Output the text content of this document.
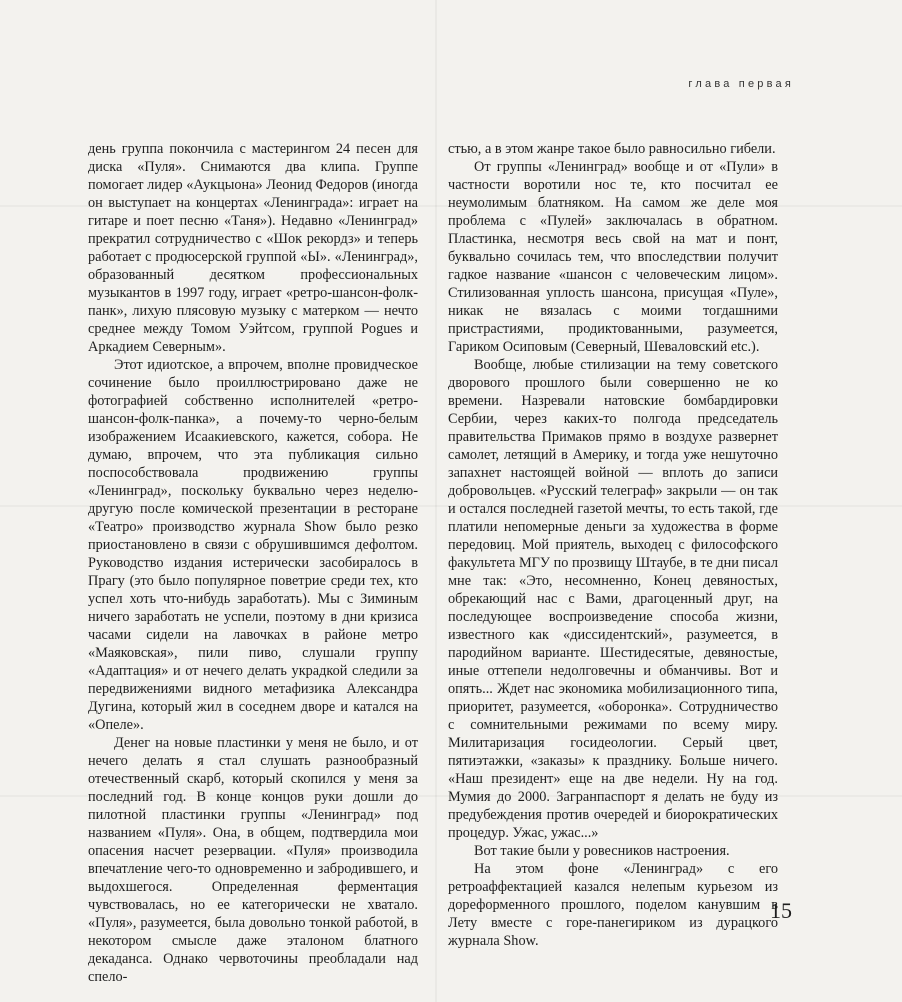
глава первая

день группа покончила с мастерингом 24 песен для диска «Пуля». Снимаются два клипа. Группе помогает лидер «Аукцыона» Леонид Федоров (иногда он выступает на концертах «Ленинграда»: играет на гитаре и поет песню «Таня»). Недавно «Ленинград» прекратил сотрудничество с «Шок рекордз» и теперь работает с продюсерской группой «Ы». «Ленинград», образованный десятком профессиональных музыкантов в 1997 году, играет «ретро-шансон-фолк-панк», лихую плясовую музыку с матерком — нечто среднее между Томом Уэйтсом, группой Pogues и Аркадием Северным».

Этот идиотское, а впрочем, вполне провидческое сочинение было проиллюстрировано даже не фотографией собственно исполнителей «ретро-шансон-фолк-панка», а почему-то черно-белым изображением Исаакиевского, кажется, собора. Не думаю, впрочем, что эта публикация сильно поспособствовала продвижению группы «Ленинград», поскольку буквально через неделю-другую после комической презентации в ресторане «Театро» производство журнала Show было резко приостановлено в связи с обрушившимся дефолтом. Руководство издания истерически засобиралось в Прагу (это было популярное поветрие среди тех, кто успел хоть что-нибудь заработать). Мы с Зиминым ничего заработать не успели, поэтому в дни кризиса часами сидели на лавочках в районе метро «Маяковская», пили пиво, слушали группу «Адаптация» и от нечего делать украдкой следили за передвижениями видного метафизика Александра Дугина, который жил в соседнем дворе и катался на «Опеле».

Денег на новые пластинки у меня не было, и от нечего делать я стал слушать разнообразный отечественный скарб, который скопился у меня за последний год. В конце концов руки дошли до пилотной пластинки группы «Ленинград» под названием «Пуля». Она, в общем, подтвердила мои опасения насчет резервации. «Пуля» производила впечатление чего-то одновременно и забродившего, и выдохшегося. Определенная ферментация чувствовалась, но ее категорически не хватало. «Пуля», разумеется, была довольно тонкой работой, в некотором смысле даже эталоном блатного декаданса. Однако червоточины преобладали над спело-

стью, а в этом жанре такое было равносильно гибели.

От группы «Ленинград» вообще и от «Пули» в частности воротили нос те, кто посчитал ее неумолимым блатняком. На самом же деле моя проблема с «Пулей» заключалась в обратном. Пластинка, несмотря весь свой на мат и понт, буквально сочилась тем, что впоследствии получит гадкое название «шансон с человеческим лицом». Стилизованная уплость шансона, присущая «Пуле», никак не вязалась с моими тогдашними пристрастиями, продиктованными, разумеется, Гариком Осиповым (Северный, Шеваловский etc.).

Вообще, любые стилизации на тему советского дворового прошлого были совершенно не ко времени. Назревали натовские бомбардировки Сербии, через каких-то полгода председатель правительства Примаков прямо в воздухе развернет самолет, летящий в Америку, и тогда уже нешуточно запахнет настоящей войной — вплоть до записи добровольцев. «Русский телеграф» закрыли — он так и остался последней газетой мечты, то есть такой, где платили непомерные деньги за художества в форме передовиц. Мой приятель, выходец с философского факультета МГУ по прозвищу Штаубе, в те дни писал мне так: «Это, несомненно, Конец девяностых, обрекающий нас с Вами, драгоценный друг, на последующее воспроизведение способа жизни, известного как «диссидентский», разумеется, в пародийном варианте. Шестидесятые, девяностые, иные оттепели недолговечны и обманчивы. Вот и опять... Ждет нас экономика мобилизационного типа, приоритет, разумеется, «оборонка». Сотрудничество с сомнительными режимами по всему миру. Милитаризация госидеологии. Серый цвет, пятиэтажки, «заказы» к празднику. Больше ничего. «Наш президент» еще на две недели. Ну на год. Мумия до 2000. Загранпаспорт я делать не буду из предубеждения против очередей и биорократических процедур. Ужас, ужас...»

Вот такие были у ровесников настроения.

На этом фоне «Ленинград» с его ретроаффектацией казался нелепым курьезом из дореформенного прошлого, поделом канувшим в Лету вместе с горе-панегириком из дурацкого журнала Show.

15
